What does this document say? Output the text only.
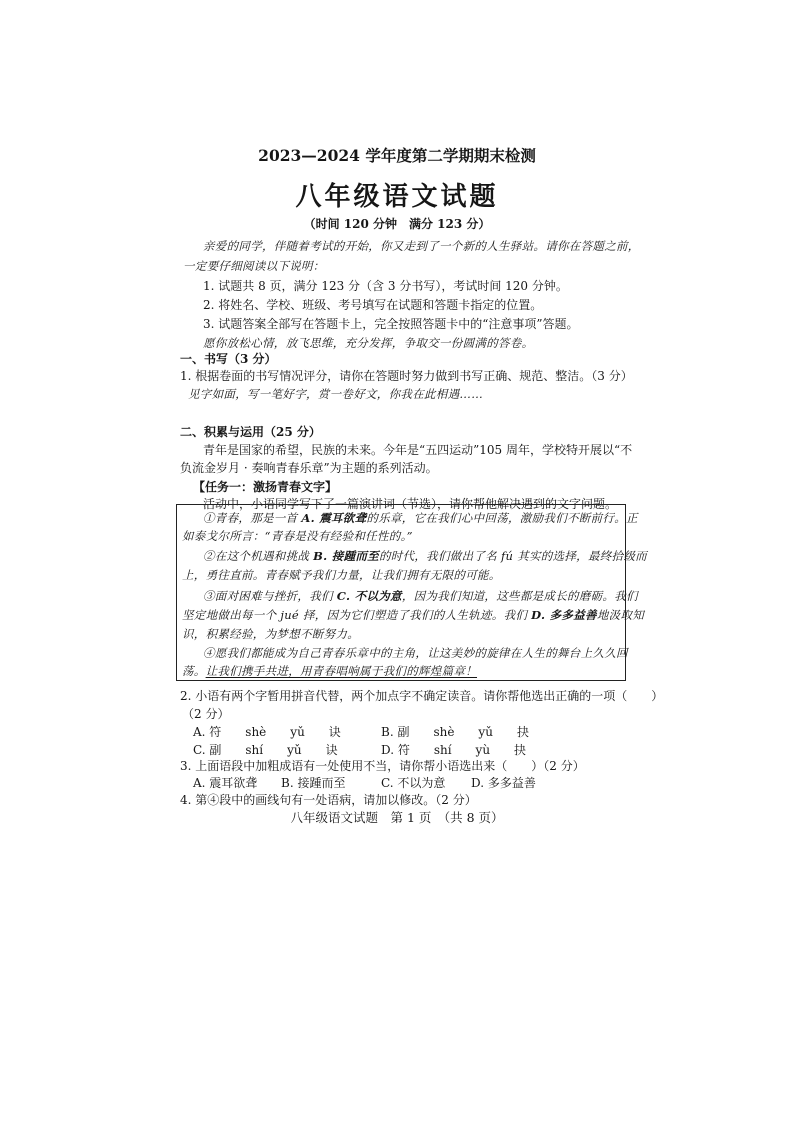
2023—2024 学年度第二学期期末检测
八年级语文试题
（时间 120 分钟　满分 123 分）
亲爱的同学，伴随着考试的开始，你又走到了一个新的人生驿站。请你在答题之前，
一定要仔细阅读以下说明：
1. 试题共 8 页，满分 123 分（含 3 分书写），考试时间 120 分钟。
2. 将姓名、学校、班级、考号填写在试题和答题卡指定的位置。
3. 试题答案全部写在答题卡上，完全按照答题卡中的“注意事项”答题。
愿你放松心情，放飞思维，充分发挥，争取交一份圆满的答卷。
一、书写（3 分）
1. 根据卷面的书写情况评分，请你在答题时努力做到书写正确、规范、整洁。（3 分）
见字如面，写一笔好字，赏一卷好文，你我在此相遇……
二、积累与运用（25 分）
青年是国家的希望，民族的未来。今年是“五四运动”105 周年，学校特开展以“不
负流金岁月 · 奏响青春乐章”为主题的系列活动。
【任务一：激扬青春文字】
活动中，小语同学写下了一篇演讲词（节选），请你帮他解决遇到的文字问题。
①青春，那是一首 A. 震耳欲聋的乐章，它在我们心中回荡，激励我们不断前行。正
如泰戈尔所言：“青春是没有经验和任性的。”
②在这个机遇和挑战 B. 接踵而至的时代，我们做出了名 fú 其实的选择，最终拾级而
上，勇往直前。青春赋予我们力量，让我们拥有无限的可能。
③面对困难与挫折，我们 C. 不以为意，因为我们知道，这些都是成长的磨砺。我们
坚定地做出每一个 jué 择，因为它们塑造了我们的人生轨迹。我们 D. 多多益善地汲取知
识，积累经验，为梦想不断努力。
④愿我们都能成为自己青春乐章中的主角，让这美妙的旋律在人生的舞台上久久回
荡。让我们携手共进，用青春唱响属于我们的辉煌篇章！
2. 小语有两个字暂用拼音代替，两个加点字不确定读音。请你帮他选出正确的一项（　　）
（2 分）
A. 符　　shè　　yǔ　　诀	B. 副　　shè　　yǔ　　抉
C. 副　　shí　　yǔ　　诀	D. 符　　shí　　yù　　抉
3. 上面语段中加粗成语有一处使用不当，请你帮小语选出来（　　）（2 分）
A. 震耳欲聋 B. 接踵而至	C. 不以为意 D. 多多益善
4. 第④段中的画线句有一处语病，请加以修改。（2 分）
八年级语文试题　第 1 页　（共 8 页）
